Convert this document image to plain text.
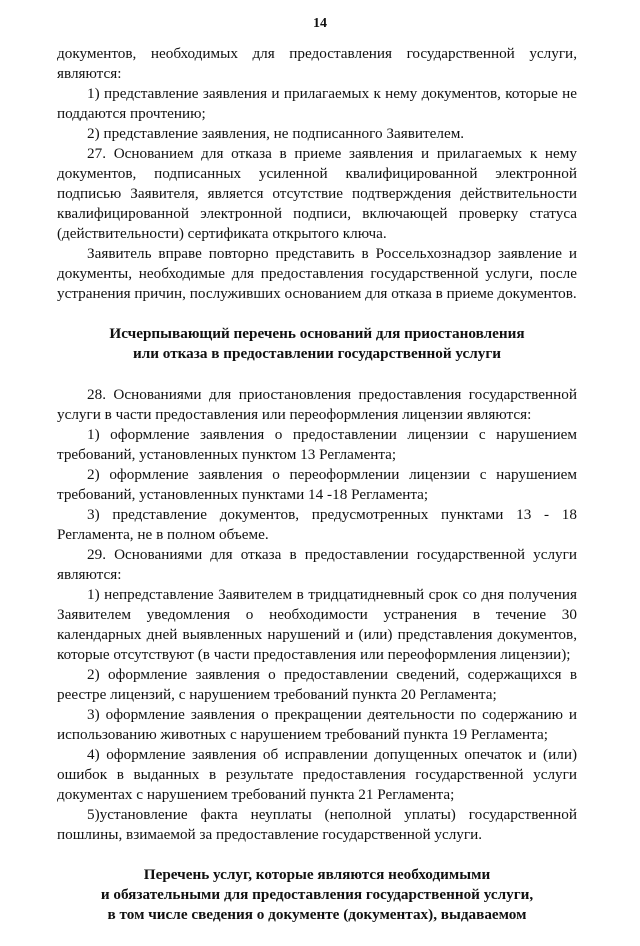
14

документов, необходимых для предоставления государственной услуги, являются:

1) представление заявления и прилагаемых к нему документов, которые не поддаются прочтению;

2) представление заявления, не подписанного Заявителем.

27. Основанием для отказа в приеме заявления и прилагаемых к нему документов, подписанных усиленной квалифицированной электронной подписью Заявителя, является отсутствие подтверждения действительности квалифицированной электронной подписи, включающей проверку статуса (действительности) сертификата открытого ключа.

Заявитель вправе повторно представить в Россельхознадзор заявление и документы, необходимые для предоставления государственной услуги, после устранения причин, послуживших основанием для отказа в приеме документов.

Исчерпывающий перечень оснований для приостановления
или отказа в предоставлении государственной услуги

28. Основаниями для приостановления предоставления государственной услуги в части предоставления или переоформления лицензии являются:

1) оформление заявления о предоставлении лицензии с нарушением требований, установленных пунктом 13 Регламента;

2) оформление заявления о переоформлении лицензии с нарушением требований, установленных пунктами 14 -18 Регламента;

3) представление документов, предусмотренных пунктами 13 - 18 Регламента, не в полном объеме.

29. Основаниями для отказа в предоставлении государственной услуги являются:

1) непредставление Заявителем в тридцатидневный срок со дня получения Заявителем уведомления о необходимости устранения в течение 30 календарных дней выявленных нарушений и (или) представления документов, которые отсутствуют (в части предоставления или переоформления лицензии);

2) оформление заявления о предоставлении сведений, содержащихся в реестре лицензий, с нарушением требований пункта 20 Регламента;

3) оформление заявления о прекращении деятельности по содержанию и использованию животных с нарушением требований пункта 19 Регламента;

4) оформление заявления об исправлении допущенных опечаток и (или) ошибок в выданных в результате предоставления государственной услуги документах с нарушением требований пункта 21 Регламента;

5)установление факта неуплаты (неполной уплаты) государственной пошлины, взимаемой за предоставление государственной услуги.

Перечень услуг, которые являются необходимыми
и обязательными для предоставления государственной услуги,
в том числе сведения о документе (документах), выдаваемом
